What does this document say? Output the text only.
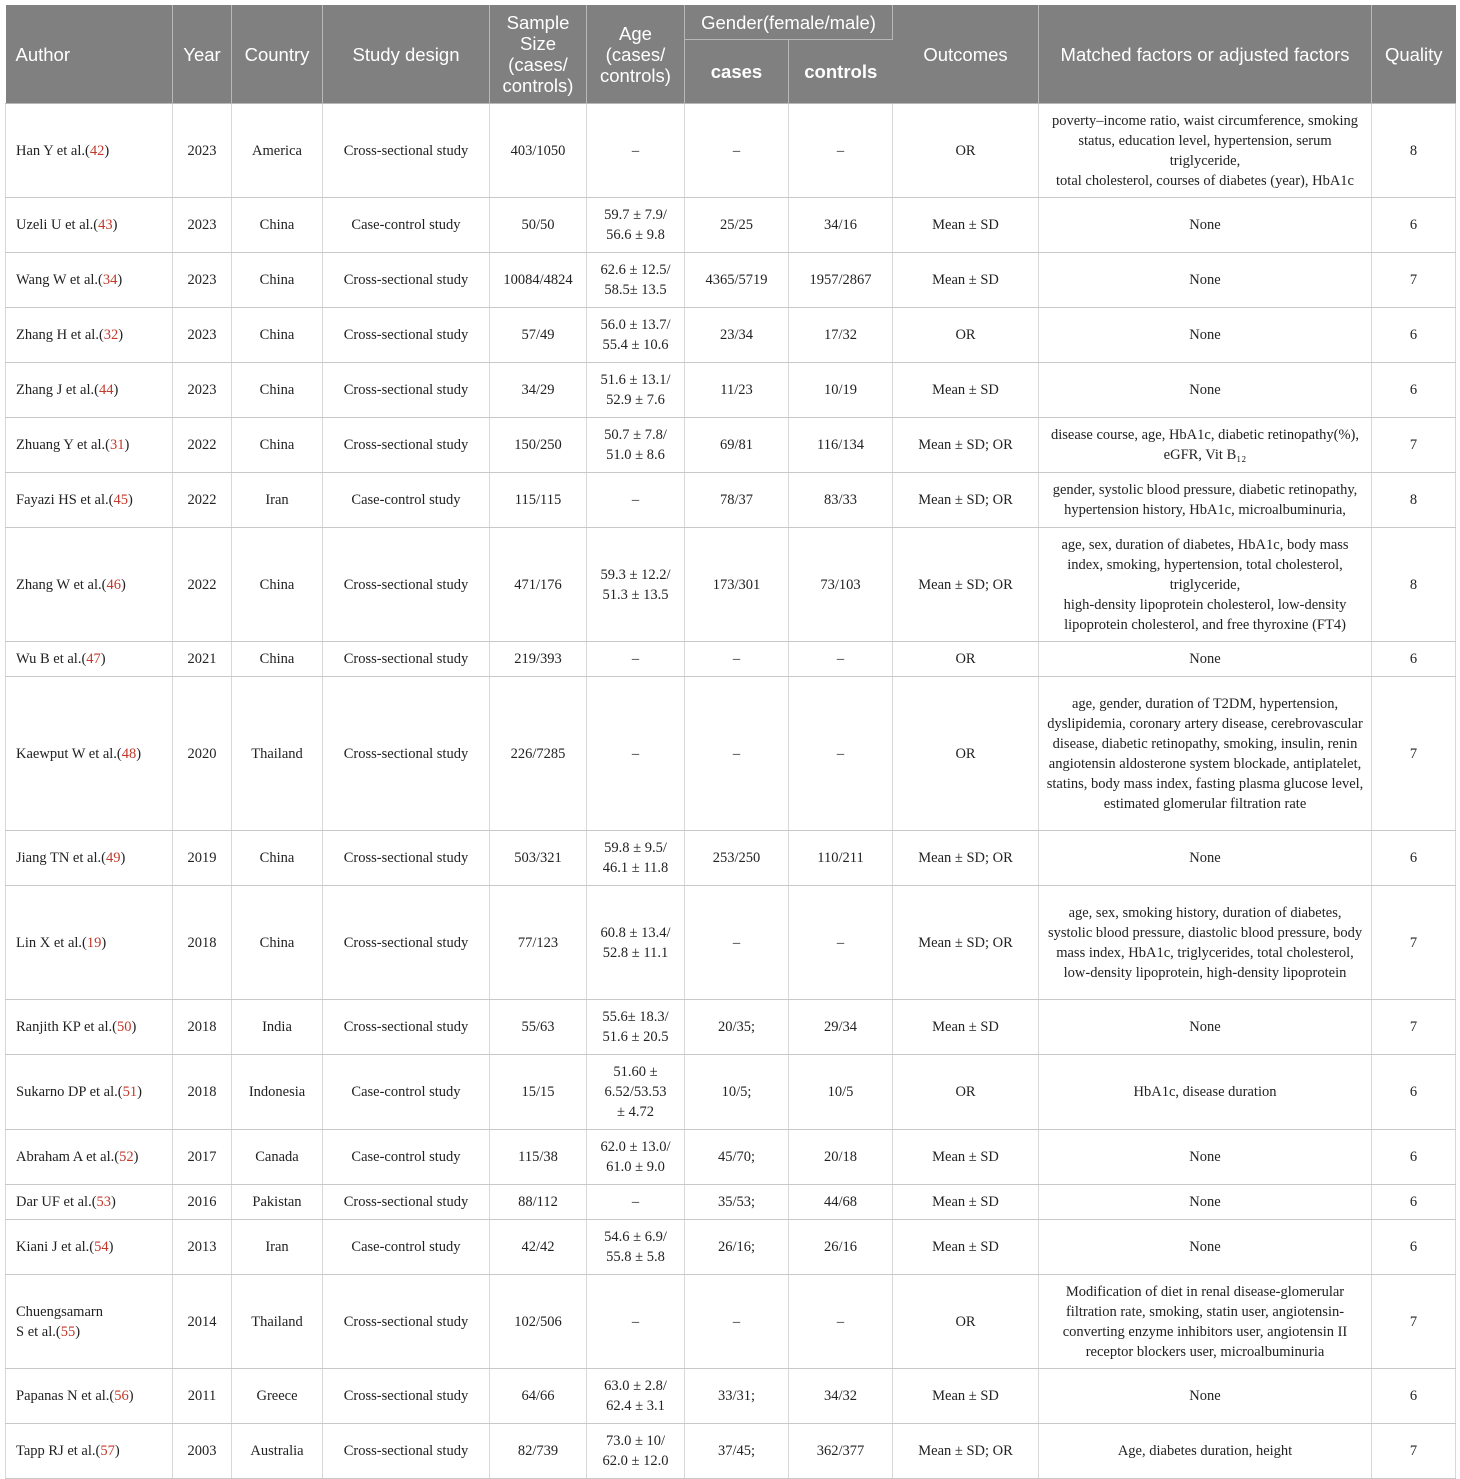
Author	Year	Country	Study design	Sample Size (cases/ controls)	Age (cases/ controls)	Gender(female/male)		Outcomes	Matched factors or adjusted factors	Quality
						cases	controls			
Han Y et al.(42)	2023	America	Cross-sectional study	403/1050	–	–	–	OR	poverty–income ratio, waist circumference, smoking status, education level, hypertension, serum triglyceride,
total cholesterol, courses of diabetes (year), HbA1c	8
Uzeli U et al.(43)	2023	China	Case-control study	50/50	59.7 ± 7.9/
56.6 ± 9.8	25/25	34/16	Mean ± SD	None	6
Wang W et al.(34)	2023	China	Cross-sectional study	10084/4824	62.6 ± 12.5/
58.5± 13.5	4365/5719	1957/2867	Mean ± SD	None	7
Zhang H et al.(32)	2023	China	Cross-sectional study	57/49	56.0 ± 13.7/
55.4 ± 10.6	23/34	17/32	OR	None	6
Zhang J et al.(44)	2023	China	Cross-sectional study	34/29	51.6 ± 13.1/
52.9 ± 7.6	11/23	10/19	Mean ± SD	None	6
Zhuang Y et al.(31)	2022	China	Cross-sectional study	150/250	50.7 ± 7.8/
51.0 ± 8.6	69/81	116/134	Mean ± SD; OR	disease course, age, HbA1c, diabetic retinopathy(%),
eGFR, Vit B₁₂	7
Fayazi HS et al.(45)	2022	Iran	Case-control study	115/115	–	78/37	83/33	Mean ± SD; OR	gender, systolic blood pressure, diabetic retinopathy,
hypertension history, HbA1c, microalbuminuria,	8
Zhang W et al.(46)	2022	China	Cross-sectional study	471/176	59.3 ± 12.2/
51.3 ± 13.5	173/301	73/103	Mean ± SD; OR	age, sex, duration of diabetes, HbA1c, body mass index, smoking, hypertension, total cholesterol, triglyceride,
high-density lipoprotein cholesterol, low-density lipoprotein cholesterol, and free thyroxine (FT4)	8
Wu B et al.(47)	2021	China	Cross-sectional study	219/393	–	–	–	OR	None	6
Kaewput W et al.(48)	2020	Thailand	Cross-sectional study	226/7285	–	–	–	OR	age, gender, duration of T2DM, hypertension, dyslipidemia, coronary artery disease, cerebrovascular disease, diabetic retinopathy, smoking, insulin, renin angiotensin aldosterone system blockade, antiplatelet, statins, body mass index, fasting plasma glucose level, estimated glomerular filtration rate	7
Jiang TN et al.(49)	2019	China	Cross-sectional study	503/321	59.8 ± 9.5/
46.1 ± 11.8	253/250	110/211	Mean ± SD; OR	None	6
Lin X et al.(19)	2018	China	Cross-sectional study	77/123	60.8 ± 13.4/
52.8 ± 11.1	–	–	Mean ± SD; OR	age, sex, smoking history, duration of diabetes, systolic blood pressure, diastolic blood pressure, body mass index, HbA1c, triglycerides, total cholesterol, low-density lipoprotein, high-density lipoprotein	7
Ranjith KP et al.(50)	2018	India	Cross-sectional study	55/63	55.6± 18.3/
51.6 ± 20.5	20/35;	29/34	Mean ± SD	None	7
Sukarno DP et al.(51)	2018	Indonesia	Case-control study	15/15	51.60 ±
6.52/53.53
± 4.72	10/5;	10/5	OR	HbA1c, disease duration	6
Abraham A et al.(52)	2017	Canada	Case-control study	115/38	62.0 ± 13.0/
61.0 ± 9.0	45/70;	20/18	Mean ± SD	None	6
Dar UF et al.(53)	2016	Pakistan	Cross-sectional study	88/112	–	35/53;	44/68	Mean ± SD	None	6
Kiani J et al.(54)	2013	Iran	Case-control study	42/42	54.6 ± 6.9/
55.8 ± 5.8	26/16;	26/16	Mean ± SD	None	6
Chuengsamarn
S et al.(55)	2014	Thailand	Cross-sectional study	102/506	–	–	–	OR	Modification of diet in renal disease-glomerular filtration rate, smoking, statin user, angiotensin-converting enzyme inhibitors user, angiotensin II receptor blockers user, microalbuminuria	7
Papanas N et al.(56)	2011	Greece	Cross-sectional study	64/66	63.0 ± 2.8/
62.4 ± 3.1	33/31;	34/32	Mean ± SD	None	6
Tapp RJ et al.(57)	2003	Australia	Cross-sectional study	82/739	73.0 ± 10/
62.0 ± 12.0	37/45;	362/377	Mean ± SD; OR	Age, diabetes duration, height	7
